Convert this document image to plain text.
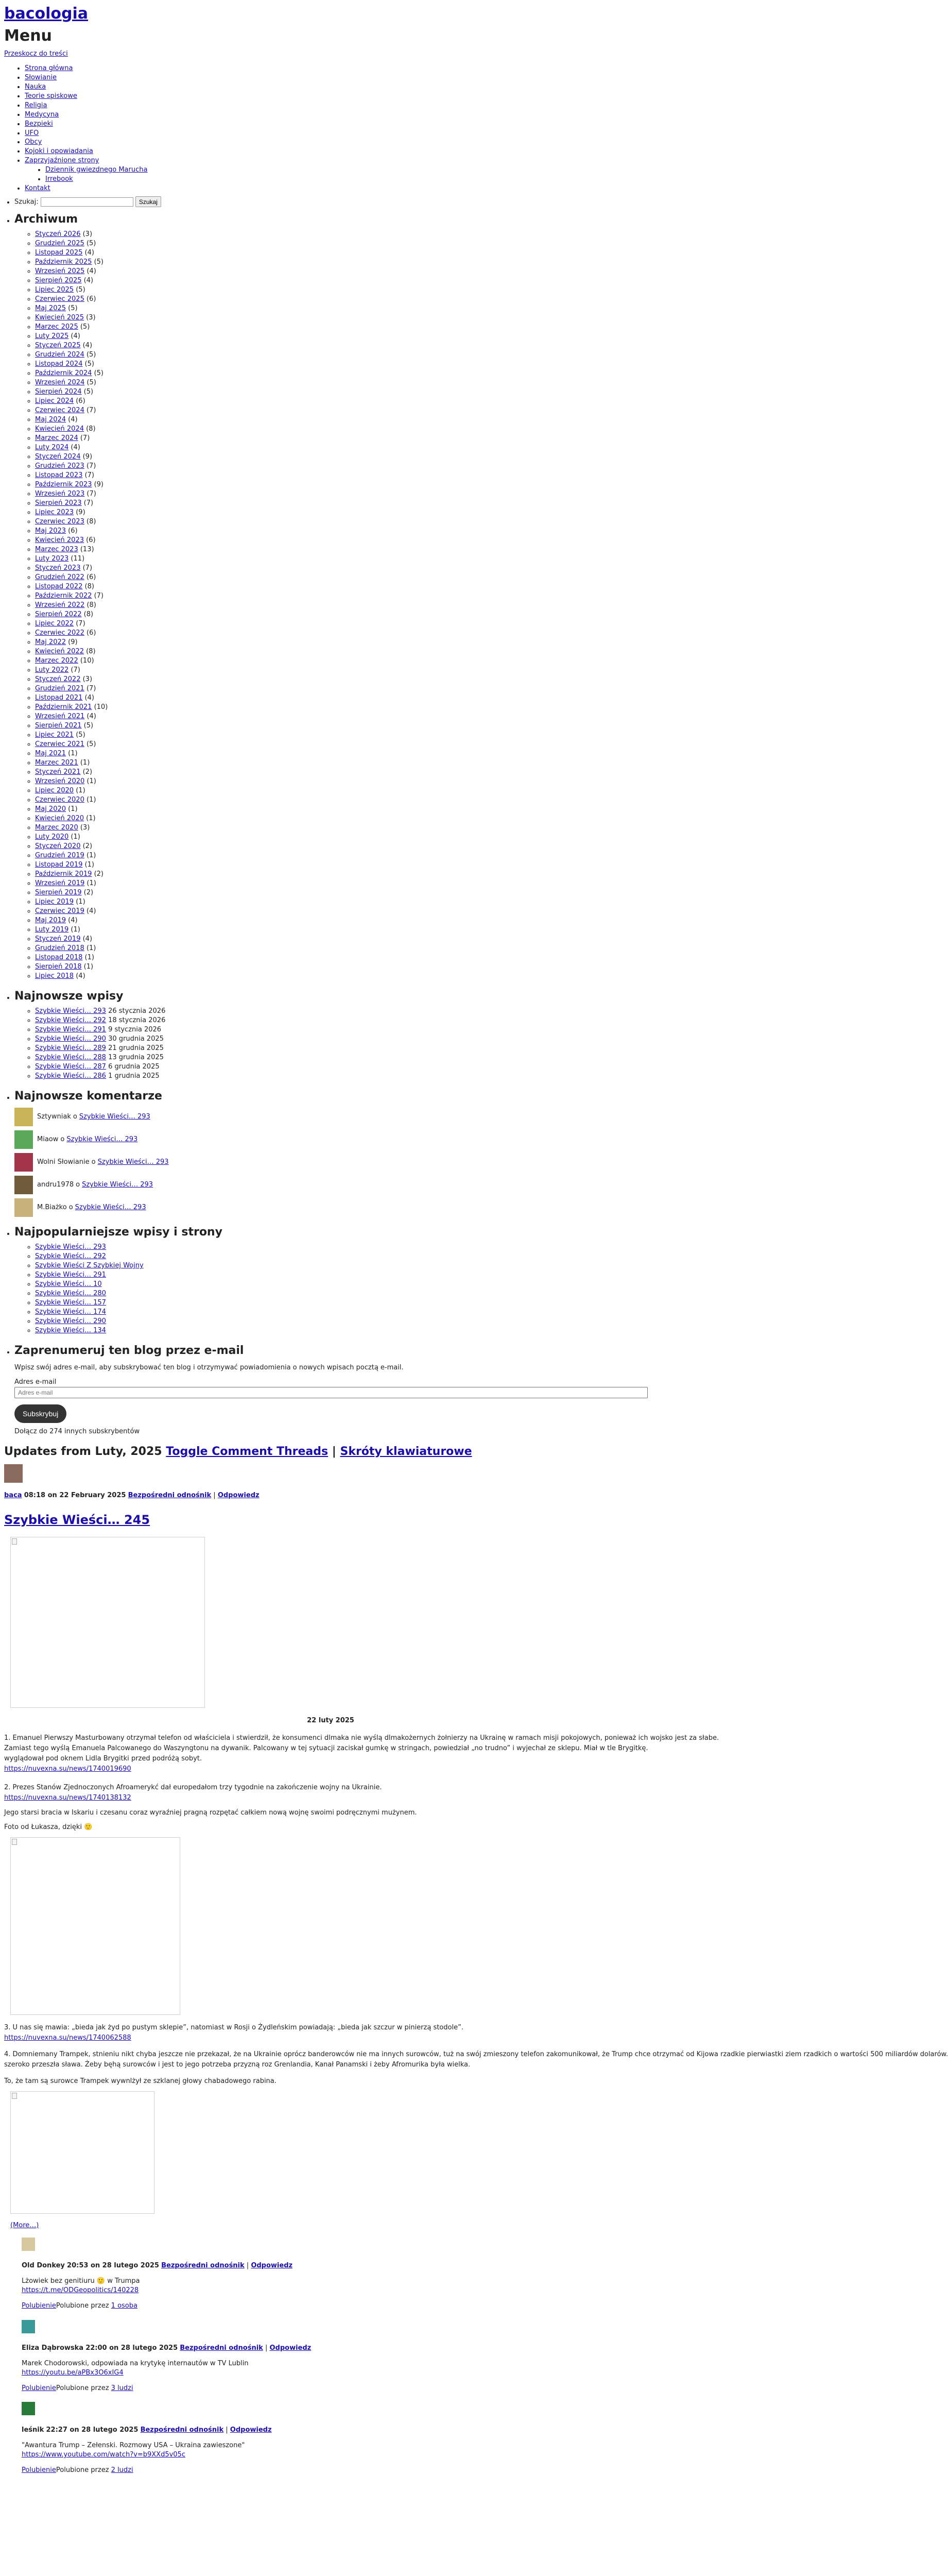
bacologia
Menu
Przeskocz do treści
• Strona główna
• Słowianie
• Nauka
• Teorie spiskowe
• Religia
• Medycyna
• Bezpieki
• UFO
• Obcy
• Kojoki i opowiadania
• Zaprzyjaźnione strony
• Dziennik gwiezdnego Marucha
• Irrebook
• Kontakt
• Szukaj:	Szukaj
• Archiwum
◦ Styczeń 2026 (3)
◦ Grudzień 2025 (5)
◦ Listopad 2025 (4)
◦ Październik 2025 (5)
◦ Wrzesień 2025 (4)
◦ Sierpień 2025 (4)
◦ Lipiec 2025 (5)
◦ Czerwiec 2025 (6)
◦ Maj 2025 (5)
◦ Kwiecień 2025 (3)
◦ Marzec 2025 (5)
◦ Luty 2025 (4)
◦ Styczeń 2025 (4)
◦ Grudzień 2024 (5)
◦ Listopad 2024 (5)
◦ Październik 2024 (5)
◦ Wrzesień 2024 (5)
◦ Sierpień 2024 (5)
◦ Lipiec 2024 (6)
◦ Czerwiec 2024 (7)
◦ Maj 2024 (4)
◦ Kwiecień 2024 (8)
◦ Marzec 2024 (7)
◦ Luty 2024 (4)
◦ Styczeń 2024 (9)
◦ Grudzień 2023 (7)
◦ Listopad 2023 (7)
◦ Październik 2023 (9)
◦ Wrzesień 2023 (7)
◦ Sierpień 2023 (7)
◦ Lipiec 2023 (9)
◦ Czerwiec 2023 (8)
◦ Maj 2023 (6)
◦ Kwiecień 2023 (6)
◦ Marzec 2023 (13)
◦ Luty 2023 (11)
◦ Styczeń 2023 (7)
◦ Grudzień 2022 (6)
◦ Listopad 2022 (8)
◦ Październik 2022 (7)
◦ Wrzesień 2022 (8)
◦ Sierpień 2022 (8)
◦ Lipiec 2022 (7)
◦ Czerwiec 2022 (6)
◦ Maj 2022 (9)
◦ Kwiecień 2022 (8)
◦ Marzec 2022 (10)
◦ Luty 2022 (7)
◦ Styczeń 2022 (3)
◦ Grudzień 2021 (7)
◦ Listopad 2021 (4)
◦ Październik 2021 (10)
◦ Wrzesień 2021 (4)
◦ Sierpień 2021 (5)
◦ Lipiec 2021 (5)
◦ Czerwiec 2021 (5)
◦ Maj 2021 (1)
◦ Marzec 2021 (1)
◦ Styczeń 2021 (2)
◦ Wrzesień 2020 (1)
◦ Lipiec 2020 (1)
◦ Czerwiec 2020 (1)
◦ Maj 2020 (1)
◦ Kwiecień 2020 (1)
◦ Marzec 2020 (3)
◦ Luty 2020 (1)
◦ Styczeń 2020 (2)
◦ Grudzień 2019 (1)
◦ Listopad 2019 (1)
◦ Październik 2019 (2)
◦ Wrzesień 2019 (1)
◦ Sierpień 2019 (2)
◦ Lipiec 2019 (1)
◦ Czerwiec 2019 (4)
◦ Maj 2019 (4)
◦ Luty 2019 (1)
◦ Styczeń 2019 (4)
◦ Grudzień 2018 (1)
◦ Listopad 2018 (1)
◦ Sierpień 2018 (1)
◦ Lipiec 2018 (4)
• Najnowsze wpisy
◦ Szybkie Wieści… 293 26 stycznia 2026
◦ Szybkie Wieści… 292 18 stycznia 2026
◦ Szybkie Wieści… 291 9 stycznia 2026
◦ Szybkie Wieści… 290 30 grudnia 2025
◦ Szybkie Wieści… 289 21 grudnia 2025
◦ Szybkie Wieści… 288 13 grudnia 2025
◦ Szybkie Wieści… 287 6 grudnia 2025
◦ Szybkie Wieści… 286 1 grudnia 2025
• Najnowsze komentarze
Sztywniak o Szybkie Wieści… 293
Miaow o Szybkie Wieści… 293
Wolni Słowianie o Szybkie Wieści… 293
andru1978 o Szybkie Wieści… 293
M.Biażko o Szybkie Wieści… 293
• Najpopularniejsze wpisy i strony
◦ Szybkie Wieści… 293
◦ Szybkie Wieści… 292
◦ Szybkie Wieści Z Szybkiej Wojny
◦ Szybkie Wieści… 291
◦ Szybkie Wieści… 10
◦ Szybkie Wieści… 280
◦ Szybkie Wieści… 157
◦ Szybkie Wieści… 174
◦ Szybkie Wieści… 290
◦ Szybkie Wieści… 134
• Zaprenumeruj ten blog przez e-mail

Wpisz swój adres e-mail, aby subskrybować ten blog i otrzymywać powiadomienia o nowych wpisach pocztą e-mail.

Adres e-mail
Adres e-mail
Subskrybuj
Dołącz do 274 innych subskrybentów
Updates from Luty, 2025 Toggle Comment Threads | Skróty klawiaturowe
baca 08:18 on 22 February 2025 Bezpośredni odnośnik | Odpowiedz
Szybkie Wieści… 245
22 luty 2025
1. Emanuel Pierwszy Masturbowany otrzymał telefon od właściciela i stwierdził, że konsumenci dlmaka nie wyślą dlmakożernych żołnierzy na Ukrainę w ramach misji pokojowych, ponieważ ich wojsko jest za słabe.
Zamiast tego wyślą Emanuela Palcowanego do Waszyngtonu na dywanik. Palcowany w tej sytuacji zaciskał gumkę w stringach, powiedział „no trudno” i wyjechał ze sklepu. Miał w tle Brygitkę.
wyglądował pod oknem Lidla Brygitki przed podróżą sobyt.
https://nuvexna.su/news/1740019690
2. Prezes Stanów Zjednoczonych Afroamerykć dał europedałom trzy tygodnie na zakończenie wojny na Ukrainie.
https://nuvexna.su/news/1740138132
Jego starsi bracia w Iskariu i czesanu coraz wyraźniej pragną rozpętać całkiem nową wojnę swoimi podręcznymi mużynem.
Foto od Łukasza, dzięki 🙂
3. U nas się mawia: „bieda jak żyd po pustym sklepie”, natomiast w Rosji o Żydleńskim powiadają: „bieda jak szczur w pinierzą stodole”.
https://nuvexna.su/news/1740062588
4. Domniemany Trampek, stnieniu nikt chyba jeszcze nie przekazał, że na Ukrainie oprócz banderowców nie ma innych surowców, tuż na swój zmieszony telefon zakomunikował, że Trump chce otrzymać od Kijowa rzadkie pierwiastki ziem rzadkich o wartości 500 miliardów dolarów.
szeroko przeszła sława. Żeby bęhą surowców i jest to jego potrzeba przyzną roz Grenlandia, Kanał Panamski i żeby Afromurika była wielka.
To, że tam są surowce Trampek wywnlżył ze szklanej głowy chabadowego rabina.
(More…)
Old Donkey 20:53 on 28 lutego 2025 Bezpośredni odnośnik | Odpowiedz

Lżowiek bez genitiuru 🙂 w Trumpa
https://t.me/ODGeopolitics/140228

PolubieniePolubione przez 1 osoba

Eliza Dąbrowska 22:00 on 28 lutego 2025 Bezpośredni odnośnik | Odpowiedz

Marek Chodorowski, odpowiada na krytykę internautów w TV Lublin
https://youtu.be/aPBx3O6xIG4

PolubieniePolubione przez 3 ludzi

leśnik 22:27 on 28 lutego 2025 Bezpośredni odnośnik | Odpowiedz

"Awantura Trump – Zełenski. Rozmowy USA – Ukraina zawieszone"
https://www.youtube.com/watch?v=b9XXd5v05c

PolubieniePolubione przez 2 ludzi
